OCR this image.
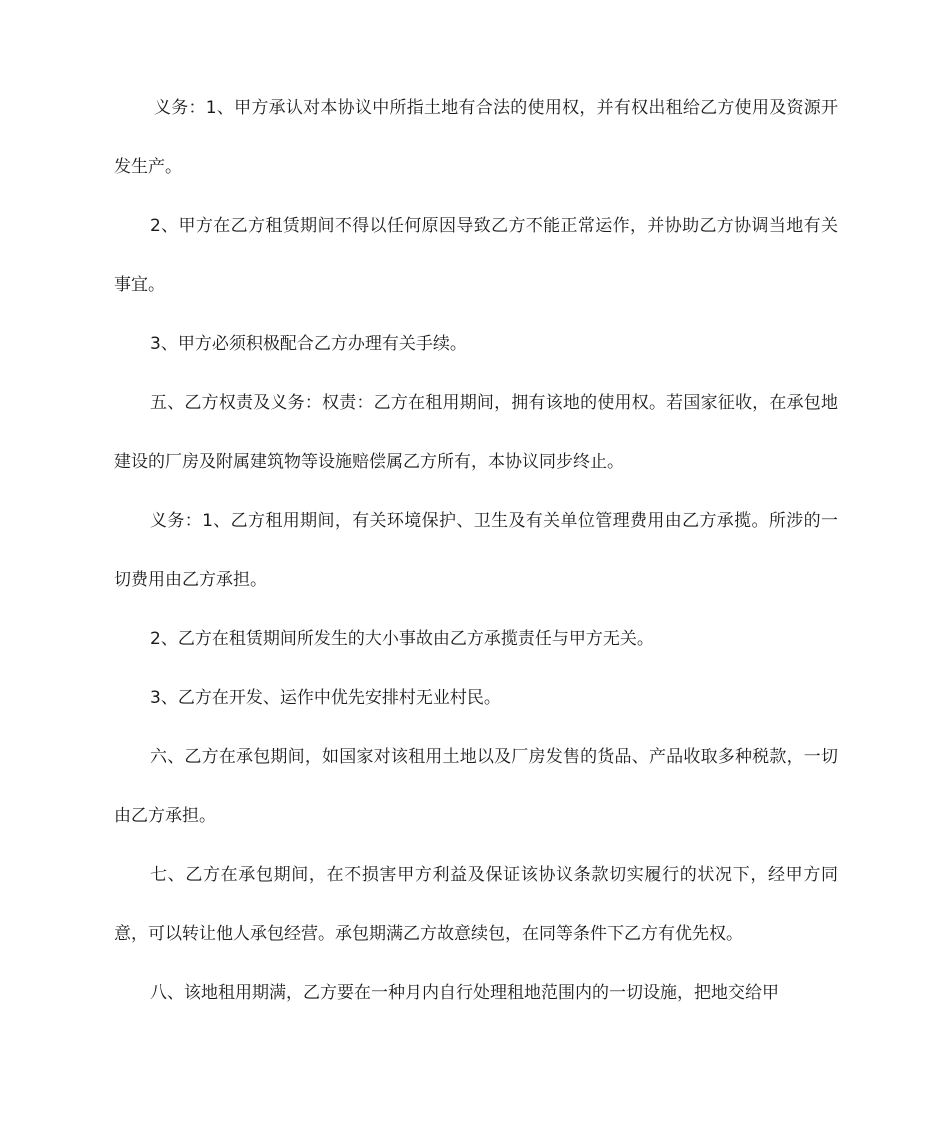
义务：1、甲方承认对本协议中所指土地有合法的使用权，并有权出租给乙方使用及资源开发生产。

2、甲方在乙方租赁期间不得以任何原因导致乙方不能正常运作，并协助乙方协调当地有关事宜。

3、甲方必须积极配合乙方办理有关手续。

五、乙方权责及义务：权责：乙方在租用期间，拥有该地的使用权。若国家征收，在承包地建设的厂房及附属建筑物等设施赔偿属乙方所有，本协议同步终止。

义务：1、乙方租用期间，有关环境保护、卫生及有关单位管理费用由乙方承揽。所涉的一切费用由乙方承担。

2、乙方在租赁期间所发生的大小事故由乙方承揽责任与甲方无关。

3、乙方在开发、运作中优先安排村无业村民。

六、乙方在承包期间，如国家对该租用土地以及厂房发售的货品、产品收取多种税款，一切由乙方承担。

七、乙方在承包期间，在不损害甲方利益及保证该协议条款切实履行的状况下，经甲方同意，可以转让他人承包经营。承包期满乙方故意续包，在同等条件下乙方有优先权。

八、该地租用期满，乙方要在一种月内自行处理租地范围内的一切设施，把地交给甲
